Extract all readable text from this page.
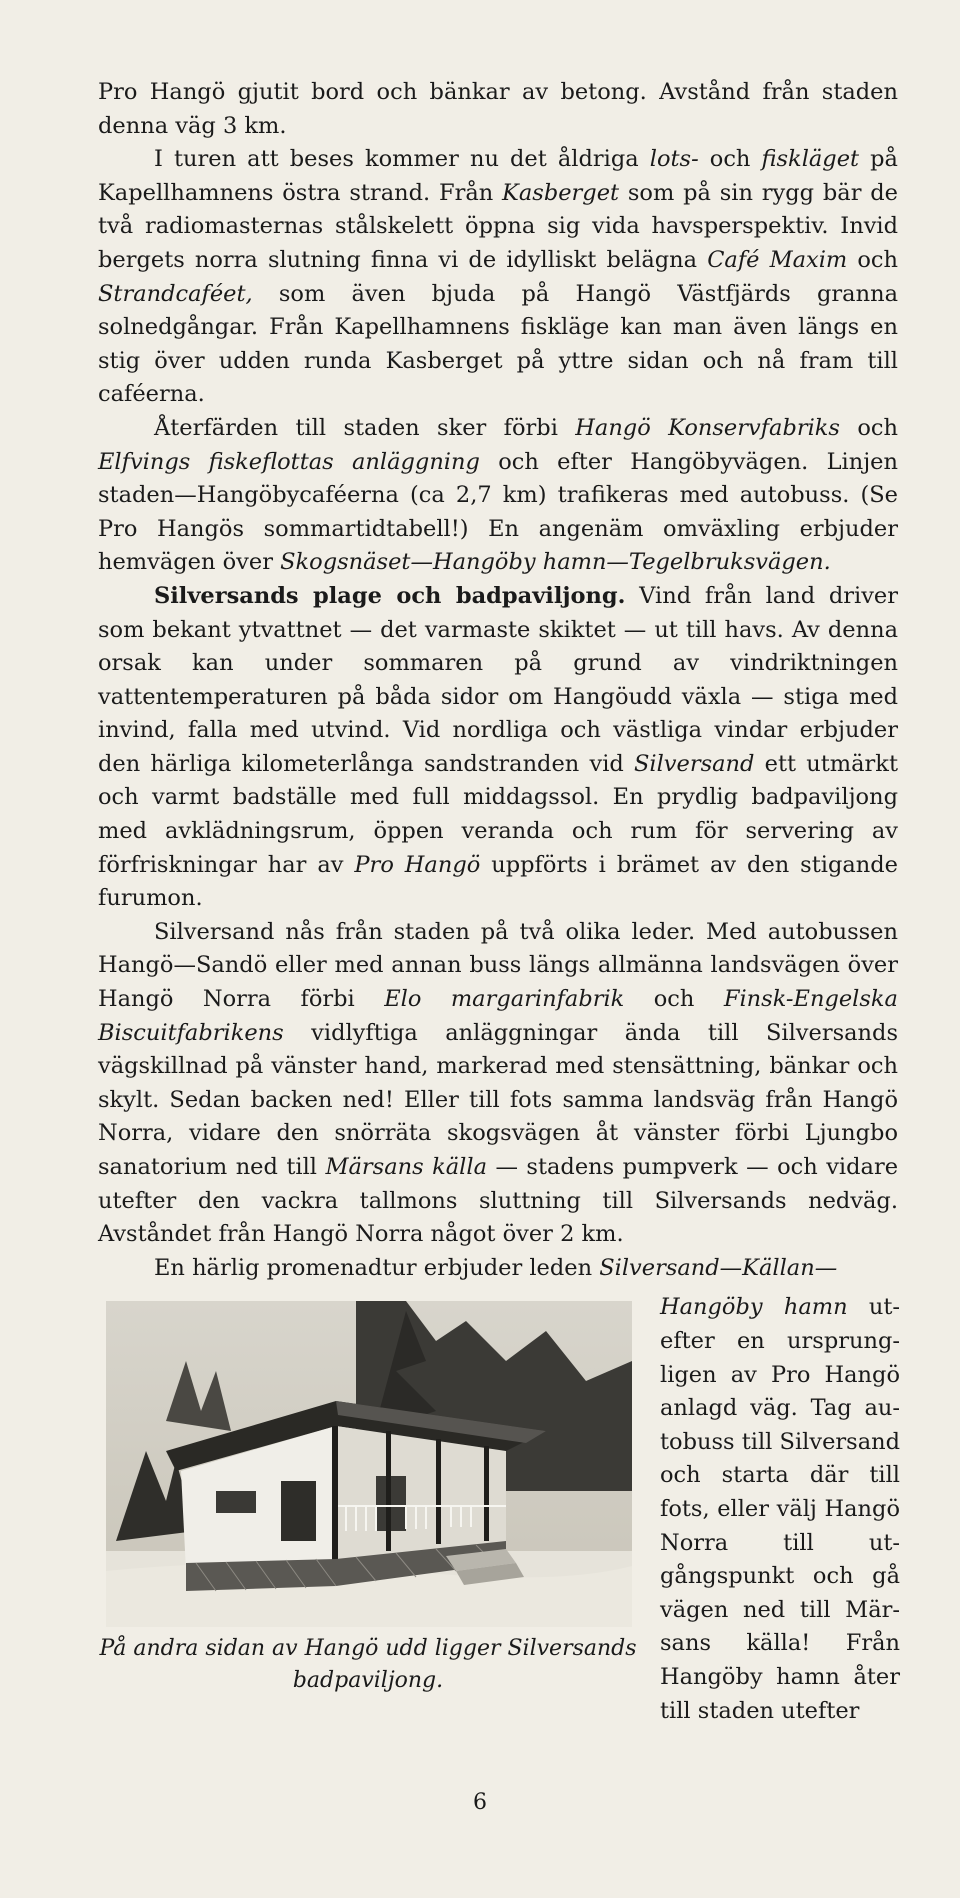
Pro Hangö gjutit bord och bänkar av betong. Avstånd från staden denna väg 3 km.

I turen att beses kommer nu det åldriga lots- och fiskläget på Kapellhamnens östra strand. Från Kasberget som på sin rygg bär de två radiomasternas stålskelett öppna sig vida havsperspektiv. Invid bergets norra slutning finna vi de idylliskt belägna Café Maxim och Strandcaféet, som även bjuda på Hangö Västfjärds granna solnedgångar. Från Kapellhamnens fiskläge kan man även längs en stig över udden runda Kasberget på yttre sidan och nå fram till caféerna.

Återfärden till staden sker förbi Hangö Konservfabriks och Elfvings fiskeflottas anläggning och efter Hangöbyvägen. Linjen staden—Hangöbycaféerna (ca 2,7 km) trafikeras med autobuss. (Se Pro Hangös sommartidtabell!) En angenäm omväxling erbjuder hemvägen över Skogsnäset—Hangöby hamn—Tegelbruksvägen.

Silversands plage och badpaviljong. Vind från land driver som bekant ytvattnet — det varmaste skiktet — ut till havs. Av denna orsak kan under sommaren på grund av vindriktningen vattentemperaturen på båda sidor om Hangöudd växla — stiga med invind, falla med utvind. Vid nordliga och västliga vindar erbjuder den härliga kilometerlånga sandstranden vid Silversand ett utmärkt och varmt badställe med full middagssol. En prydlig badpaviljong med avklädningsrum, öppen veranda och rum för servering av förfriskningar har av Pro Hangö uppförts i brämet av den stigande furumon.

Silversand nås från staden på två olika leder. Med autobussen Hangö—Sandö eller med annan buss längs allmänna landsvägen över Hangö Norra förbi Elo margarinfabrik och Finsk-Engelska Biscuitfabrikens vidlyftiga anläggningar ända till Silversands vägskillnad på vänster hand, markerad med stensättning, bänkar och skylt. Sedan backen ned! Eller till fots samma landsväg från Hangö Norra, vidare den snörräta skogsvägen åt vänster förbi Ljungbo sanatorium ned till Märsans källa — stadens pumpverk — och vidare utefter den vackra tallmons sluttning till Silversands nedväg. Avståndet från Hangö Norra något över 2 km.

En härlig promenadtur erbjuder leden Silversand—Källan—

På andra sidan av Hangö udd ligger Silversands badpaviljong.
Hangöby hamn utefter en ursprungligen av Pro Hangö anlagd väg. Tag autobuss till Silversand och starta där till fots, eller välj Hangö Norra till utgångspunkt och gå vägen ned till Märsans källa! Från Hangöby hamn åter till staden utefter
6
